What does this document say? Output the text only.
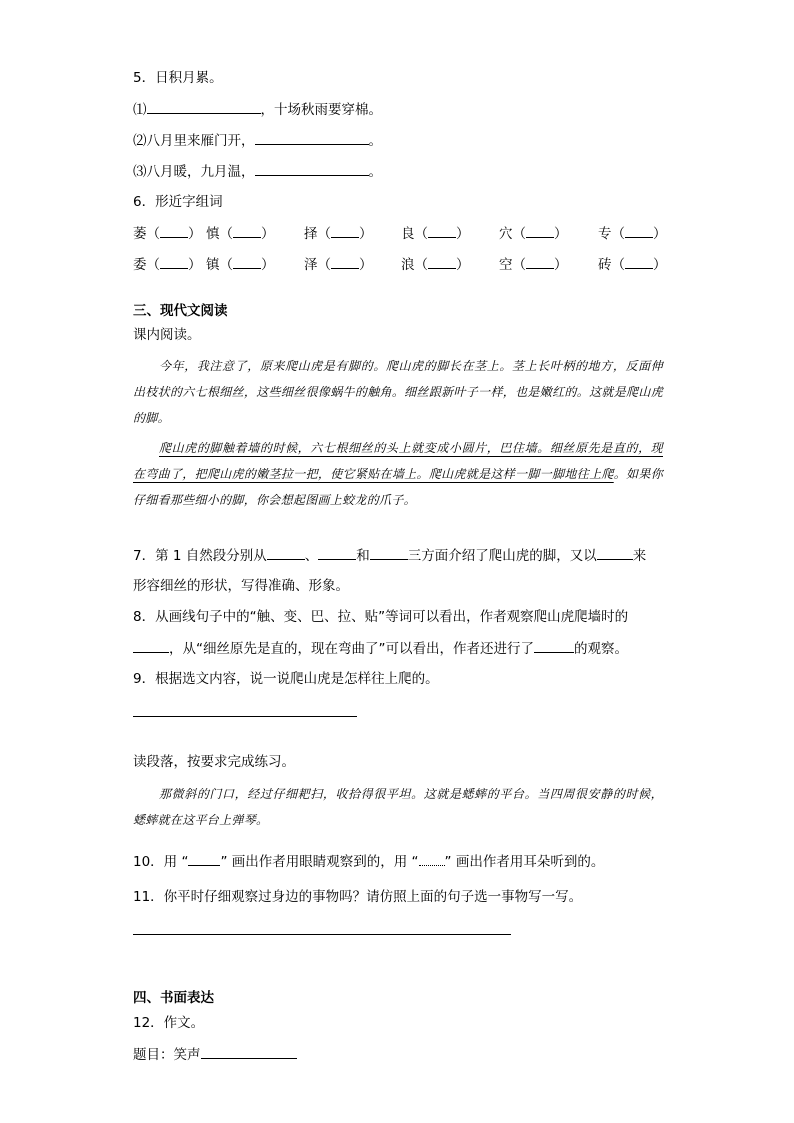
5．日积月累。
⑴	，十场秋雨要穿棉。
⑵八月里来雁门开，	。
⑶八月暖，九月温，	。
6．形近字组词
萎（ ） 慎（ ） 择（ ） 良（ ） 穴（ ） 专（ ）
委（ ） 镇（ ） 泽（ ） 浪（ ） 空（ ） 砖（ ）
三、现代文阅读
课内阅读。

今年，我注意了，原来爬山虎是有脚的。爬山虎的脚长在茎上。茎上长叶柄的地方，反面伸出枝状的六七根细丝，这些细丝很像蜗牛的触角。细丝跟新叶子一样，也是嫩红的。这就是爬山虎的脚。

爬山虎的脚触着墙的时候，六七根细丝的头上就变成小圆片，巴住墙。细丝原先是直的，现在弯曲了，把爬山虎的嫩茎拉一把，使它紧贴在墙上。爬山虎就是这样一脚一脚地往上爬。如果你仔细看那些细小的脚，你会想起图画上蛟龙的爪子。

7．第 1 自然段分别从	、	和	三方面介绍了爬山虎的脚，又以	来
形容细丝的形状，写得准确、形象。
8．从画线句子中的“触、变、巴、拉、贴”等词可以看出，作者观察爬山虎爬墙时的
，从“细丝原先是直的，现在弯曲了”可以看出，作者还进行了	的观察。
9．根据选文内容，说一说爬山虎是怎样往上爬的。
读段落，按要求完成练习。

那微斜的门口，经过仔细耙扫，收拾得很平坦。这就是蟋蟀的平台。当四周很安静的时候，蟋蟀就在这平台上弹琴。

10．用 “ ” 画出作者用眼睛观察到的，用 “ ” 画出作者用耳朵听到的。
11．你平时仔细观察过身边的事物吗？请仿照上面的句子选一事物写一写。
四、书面表达
12．作文。
题目：笑声
